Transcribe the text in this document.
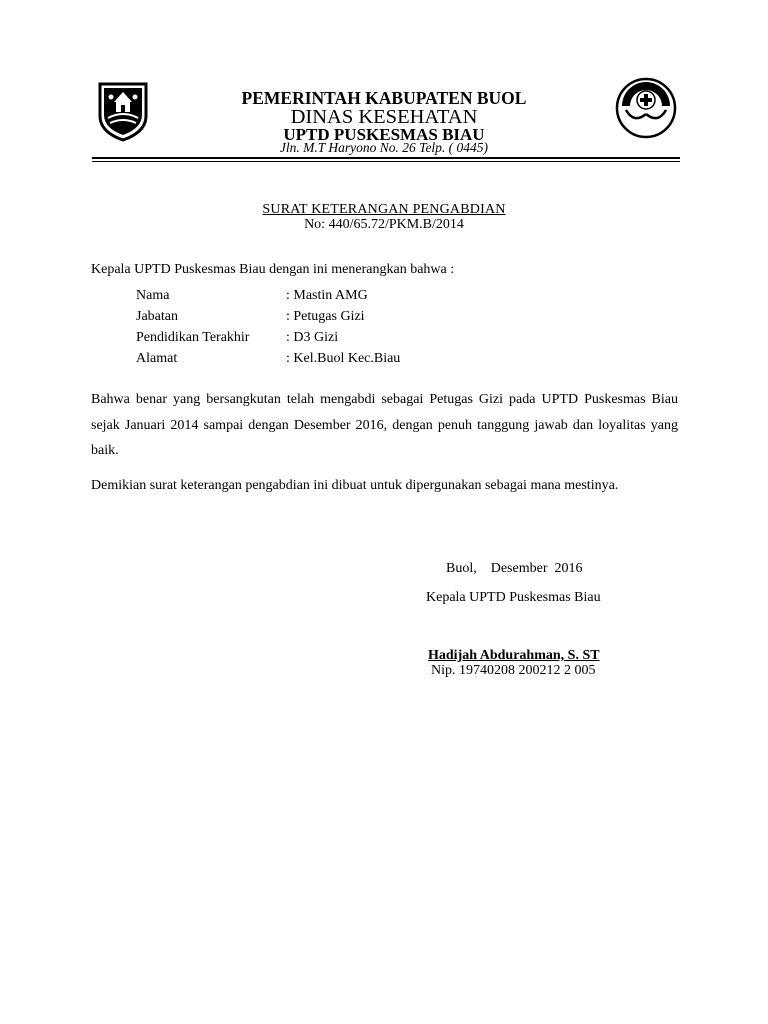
PEMERINTAH KABUPATEN BUOL
DINAS KESEHATAN
UPTD PUSKESMAS BIAU
Jln. M.T Haryono No. 26 Telp. ( 0445)
SURAT KETERANGAN PENGABDIAN
No: 440/65.72/PKM.B/2014
Kepala UPTD Puskesmas Biau dengan ini menerangkan bahwa :
Nama	: Mastin AMG
Jabatan	: Petugas Gizi
Pendidikan Terakhir	: D3 Gizi
Alamat	: Kel.Buol Kec.Biau
Bahwa benar yang bersangkutan telah mengabdi sebagai Petugas Gizi pada UPTD Puskesmas Biau sejak Januari 2014 sampai dengan Desember 2016, dengan penuh tanggung jawab dan loyalitas yang baik.
Demikian surat keterangan pengabdian ini dibuat untuk dipergunakan sebagai mana mestinya.
Buol,    Desember  2016
Kepala UPTD Puskesmas Biau
Hadijah Abdurahman, S. ST
Nip. 19740208 200212 2 005
